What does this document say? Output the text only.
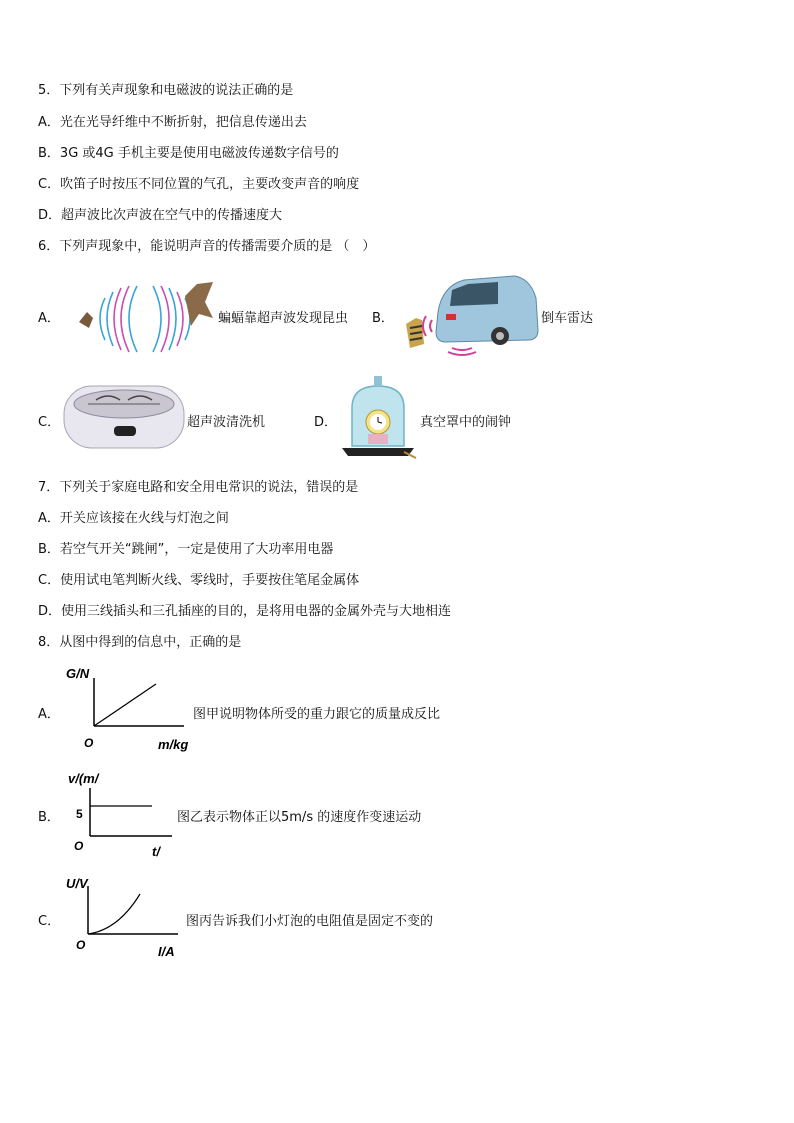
5．下列有关声现象和电磁波的说法正确的是
A．光在光导纤维中不断折射，把信息传递出去
B．3G 或4G 手机主要是使用电磁波传递数字信号的
C．吹笛子时按压不同位置的气孔，主要改变声音的响度
D．超声波比次声波在空气中的传播速度大
6．下列声现象中，能说明声音的传播需要介质的是 （　）
A．	蝙蝠靠超声波发现昆虫 B．	倒车雷达
C．	超声波清洗机	D．	真空罩中的闹钟
7．下列关于家庭电路和安全用电常识的说法，错误的是
A．开关应该接在火线与灯泡之间
B．若空气开关“跳闸”，一定是使用了大功率用电器
C．使用试电笔判断火线、零线时，手要按住笔尾金属体
D．使用三线插头和三孔插座的目的，是将用电器的金属外壳与大地相连
8．从图中得到的信息中，正确的是
A．
G/N
O	m/kg
图甲说明物体所受的重力跟它的质量成反比
B．
v/(m/
5
O	t/
图乙表示物体正以5m/s 的速度作变速运动
C．
U/V
O	I/A
图丙告诉我们小灯泡的电阻值是固定不变的
